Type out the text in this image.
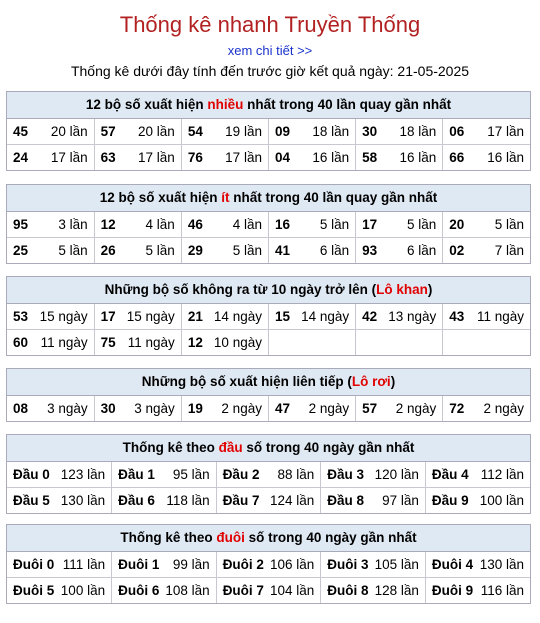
Thống kê nhanh Truyền Thống
xem chi tiết >>
Thống kê dưới đây tính đến trước giờ kết quả ngày: 21-05-2025
12 bộ số xuất hiện nhiều nhất trong 40 lần quay gần nhất
45 20 lần	57 20 lần	54 19 lần	09 18 lần	30 18 lần	06 17 lần

24 17 lần	63 17 lần	76 17 lần	04 16 lần	58 16 lần	66 16 lần
12 bộ số xuất hiện ít nhất trong 40 lần quay gần nhất
95 3 lần	12 4 lần	46 4 lần	16 5 lần	17 5 lần	20 5 lần

25 5 lần	26 5 lần	29 5 lần	41 6 lần	93 6 lần	02 7 lần
Những bộ số không ra từ 10 ngày trở lên (Lô khan)
53 15 ngày	17 15 ngày	21 14 ngày	15 14 ngày	42 13 ngày	43 11 ngày

60 11 ngày	75 11 ngày	12 10 ngày			

Những bộ số xuất hiện liên tiếp (Lô rơi)
08 3 ngày	30 3 ngày	19 2 ngày	47 2 ngày	57 2 ngày	72 2 ngày
Thống kê theo đầu số trong 40 ngày gần nhất
Đầu 0 123 lần	Đầu 1 95 lần	Đầu 2 88 lần	Đầu 3 120 lần	Đầu 4 112 lần

Đầu 5 130 lần	Đầu 6 118 lần	Đầu 7 124 lần	Đầu 8 97 lần	Đầu 9 100 lần
Thống kê theo đuôi số trong 40 ngày gần nhất
Đuôi 0 111 lần	Đuôi 1 99 lần	Đuôi 2 106 lần	Đuôi 3 105 lần	Đuôi 4 130 lần

Đuôi 5 100 lần	Đuôi 6 108 lần	Đuôi 7 104 lần	Đuôi 8 128 lần	Đuôi 9 116 lần
